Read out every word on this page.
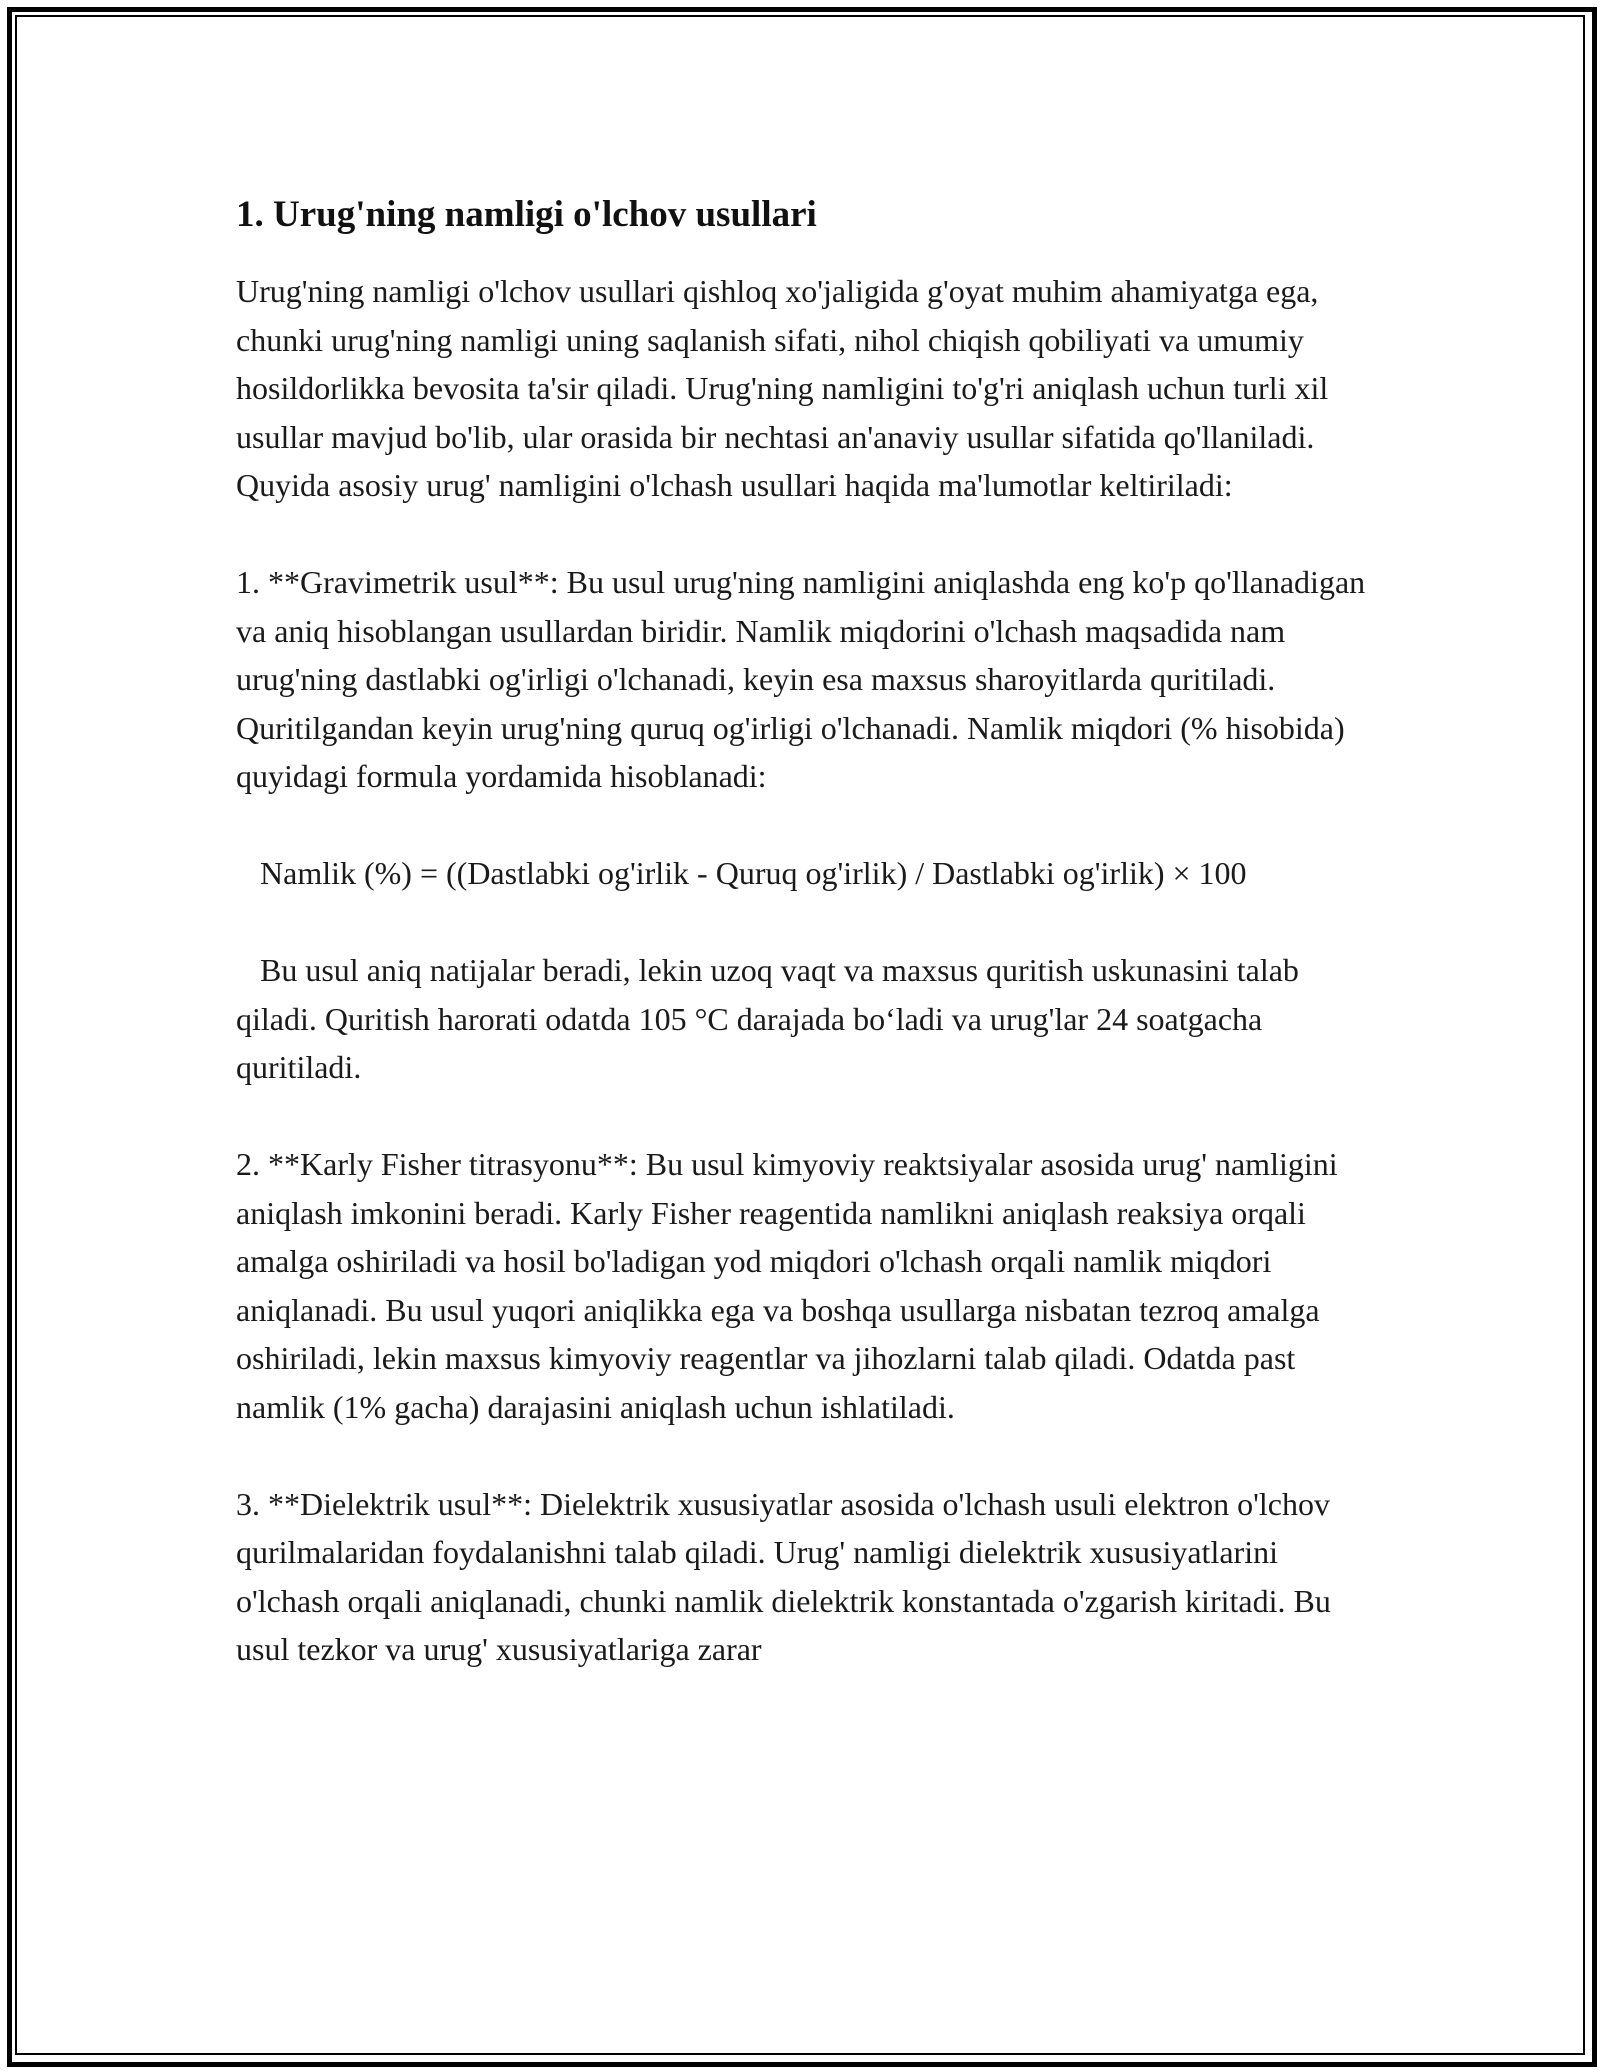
1. Urug'ning namligi o'lchov usullari

Urug'ning namligi o'lchov usullari qishloq xo'jaligida g'oyat muhim ahamiyatga ega, chunki urug'ning namligi uning saqlanish sifati, nihol chiqish qobiliyati va umumiy hosildorlikka bevosita ta'sir qiladi. Urug'ning namligini to'g'ri aniqlash uchun turli xil usullar mavjud bo'lib, ular orasida bir nechtasi an'anaviy usullar sifatida qo'llaniladi. Quyida asosiy urug' namligini o'lchash usullari haqida ma'lumotlar keltiriladi:

1. **Gravimetrik usul**: Bu usul urug'ning namligini aniqlashda eng ko'p qo'llanadigan va aniq hisoblangan usullardan biridir. Namlik miqdorini o'lchash maqsadida nam urug'ning dastlabki og'irligi o'lchanadi, keyin esa maxsus sharoyitlarda quritiladi. Quritilgandan keyin urug'ning quruq og'irligi o'lchanadi. Namlik miqdori (% hisobida) quyidagi formula yordamida hisoblanadi:

Namlik (%) = ((Dastlabki og'irlik - Quruq og'irlik) / Dastlabki og'irlik) × 100

Bu usul aniq natijalar beradi, lekin uzoq vaqt va maxsus quritish uskunasini talab qiladi. Quritish harorati odatda 105 °C darajada bo‘ladi va urug'lar 24 soatgacha quritiladi.

2. **Karly Fisher titrasyonu**: Bu usul kimyoviy reaktsiyalar asosida urug' namligini aniqlash imkonini beradi. Karly Fisher reagentida namlikni aniqlash reaksiya orqali amalga oshiriladi va hosil bo'ladigan yod miqdori o'lchash orqali namlik miqdori aniqlanadi. Bu usul yuqori aniqlikka ega va boshqa usullarga nisbatan tezroq amalga oshiriladi, lekin maxsus kimyoviy reagentlar va jihozlarni talab qiladi. Odatda past namlik (1% gacha) darajasini aniqlash uchun ishlatiladi.

3. **Dielektrik usul**: Dielektrik xususiyatlar asosida o'lchash usuli elektron o'lchov qurilmalaridan foydalanishni talab qiladi. Urug' namligi dielektrik xususiyatlarini o'lchash orqali aniqlanadi, chunki namlik dielektrik konstantada o'zgarish kiritadi. Bu usul tezkor va urug' xususiyatlariga zarar
